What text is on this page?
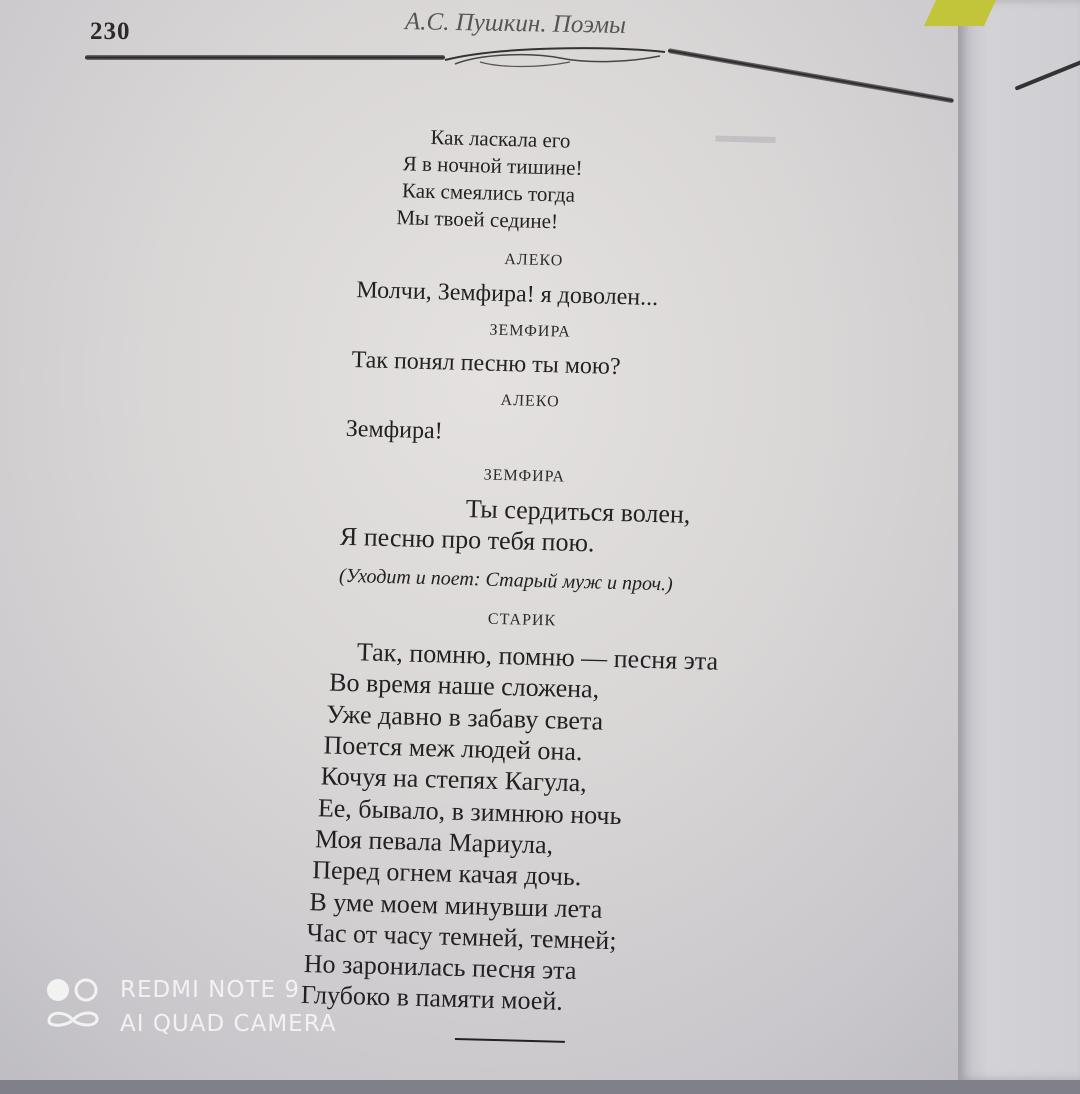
230	А.С. Пушкин. Поэмы
▬▬▬
Как ласкала его
Я в ночной тишине!
Как смеялись тогда
Мы твоей седине!
АЛЕКО
Молчи, Земфира! я доволен...
ЗЕМФИРА
Так понял песню ты мою?
АЛЕКО
Земфира!
ЗЕМФИРА
Ты сердиться волен,
Я песню про тебя пою.
(Уходит и поет: Старый муж и проч.)
СТАРИК
Так, помню, помню — песня эта
Во время наше сложена,
Уже давно в забаву света
Поется меж людей она.
Кочуя на степях Кагула,
Ее, бывало, в зимнюю ночь
Моя певала Мариула,
Перед огнем качая дочь.
В уме моем минувши лета
Час от часу темней, темней;
Но заронилась песня эта
Глубоко в памяти моей.
REDMI NOTE 9
AI QUAD CAMERA
